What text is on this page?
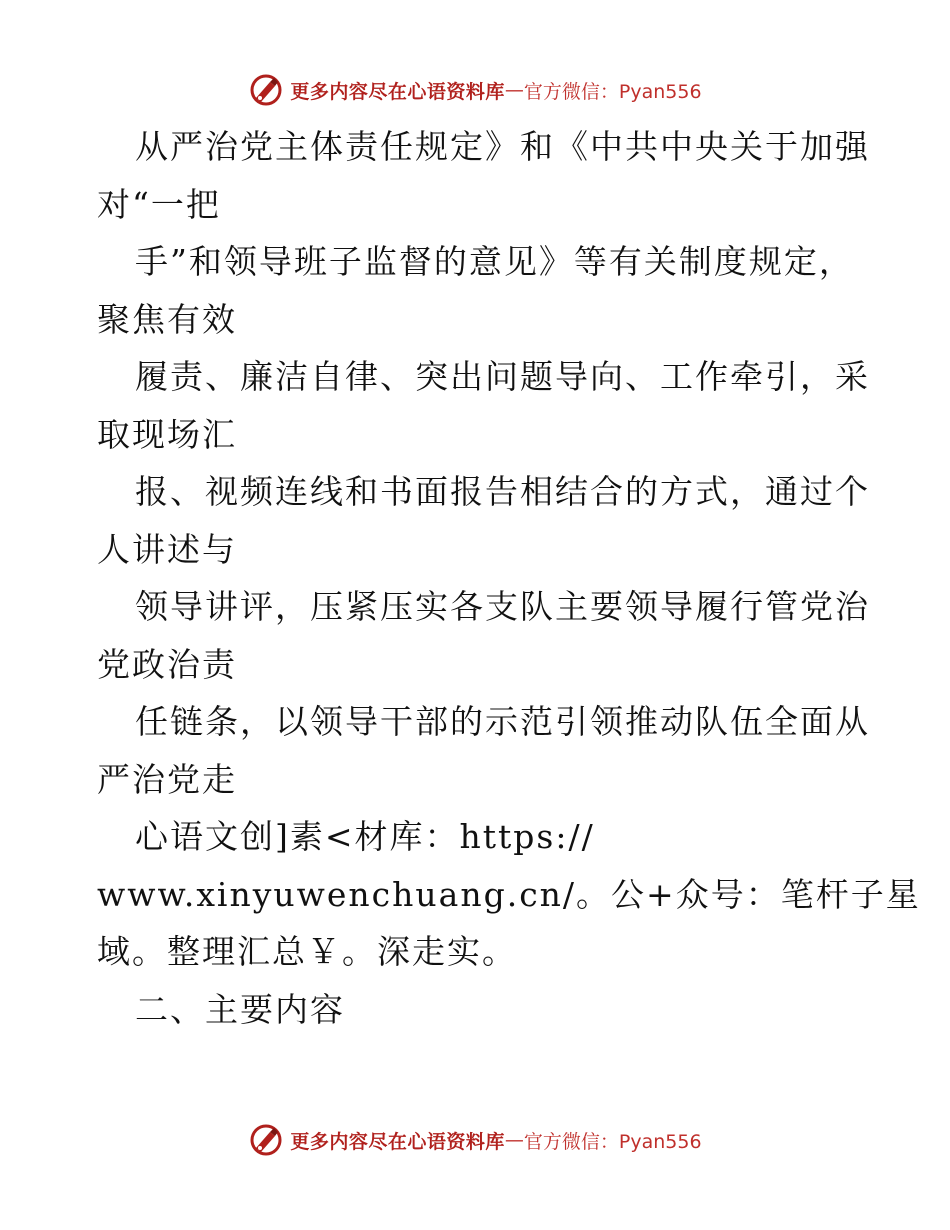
更多内容尽在心语资料库 — 官方微信：Pyan556
从严治党主体责任规定》和《中共中央关于加强
对“一把
手”和领导班子监督的意见》等有关制度规定，
聚焦有效
履责、廉洁自律、突出问题导向、工作牵引，采
取现场汇
报、视频连线和书面报告相结合的方式，通过个
人讲述与
领导讲评，压紧压实各支队主要领导履行管党治
党政治责
任链条，以领导干部的示范引领推动队伍全面从
严治党走
心语文创]素<材库：https://
www.xinyuwenchuang.cn/。公+众号：笔杆子星
域。整理汇总￥。深走实。
二、主要内容
更多内容尽在心语资料库 — 官方微信：Pyan556
